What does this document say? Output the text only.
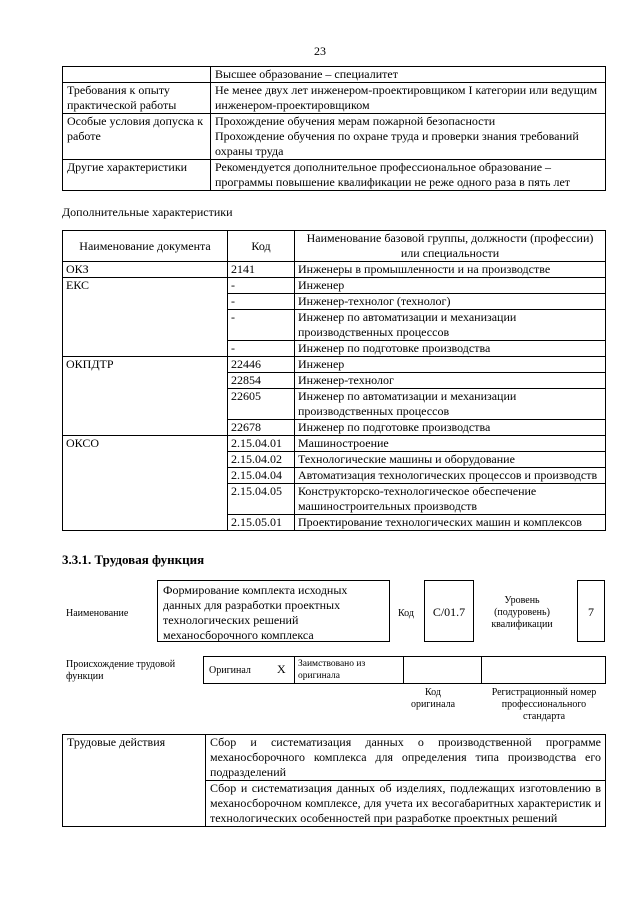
23

	Высшее образование – специалитет

Требования к опыту практической работы	Не менее двух лет инженером-проектировщиком I категории или ведущим инженером-проектировщиком

Особые условия допуска к работе	Прохождение обучения мерам пожарной безопасности
Прохождение обучения по охране труда и проверки знания требований охраны труда

Другие характеристики	Рекомендуется дополнительное профессиональное образование – программы повышение квалификации не реже одного раза в пять лет
Дополнительные характеристики
Наименование документа	Код	Наименование базовой группы, должности (профессии) или специальности
ОКЗ	2141	Инженеры в промышленности и на производстве
ЕКС	-	Инженер
	-	Инженер-технолог (технолог)
	-	Инженер по автоматизации и механизации производственных процессов
	-	Инженер по подготовке производства
ОКПДТР	22446	Инженер
	22854	Инженер-технолог
	22605	Инженер по автоматизации и механизации производственных процессов
	22678	Инженер по подготовке производства
ОКСО	2.15.04.01	Машиностроение
	2.15.04.02	Технологические машины и оборудование
	2.15.04.04	Автоматизация технологических процессов и производств
	2.15.04.05	Конструкторско-технологическое обеспечение машиностроительных производств
	2.15.05.01	Проектирование технологических машин и комплексов
3.3.1. Трудовая функция
Наименование
Формирование комплекта исходных данных для разработки проектных технологических решений механосборочного комплекса
Код	C/01.7
Уровень (подуровень) квалификации
7
Происхождение трудовой функции
Оригинал X Заимствовано из оригинала
Код оригинала
Регистрационный номер профессионального стандарта
Трудовые действия	Сбор и систематизация данных о производственной программе механосборочного комплекса для определения типа производства его подразделений
	Сбор и систематизация данных об изделиях, подлежащих изготовлению в механосборочном комплексе, для учета их весогабаритных характеристик и технологических особенностей при разработке проектных решений
